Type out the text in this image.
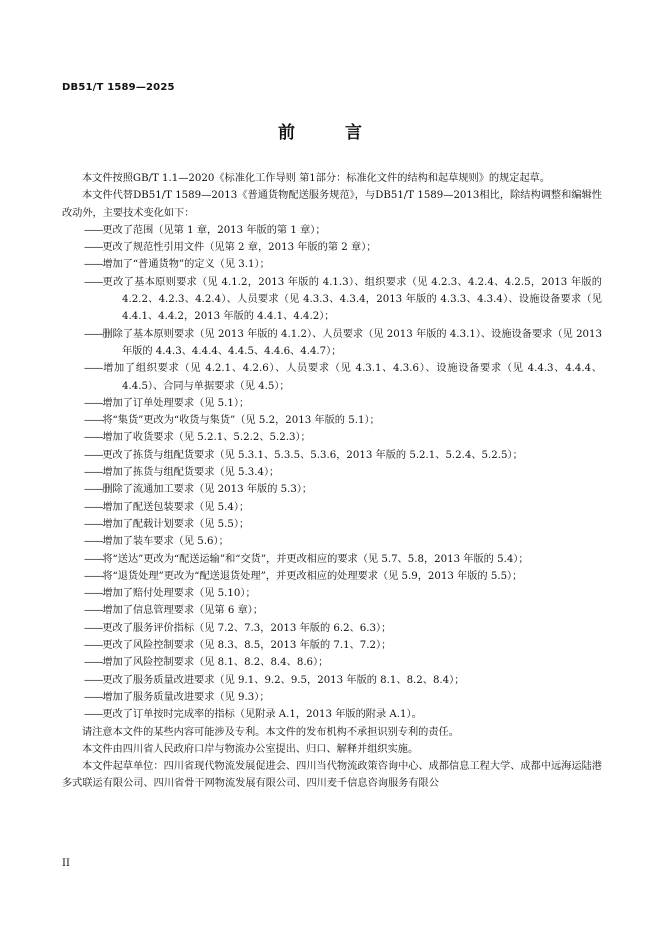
DB51/T 1589—2025
前 言

本文件按照GB/T 1.1—2020《标准化工作导则 第1部分：标准化文件的结构和起草规则》的规定起草。

本文件代替DB51/T 1589—2013《普通货物配送服务规范》，与DB51/T 1589—2013相比，除结构调整和编辑性改动外，主要技术变化如下：

——更改了范围（见第 1 章，2013 年版的第 1 章）；

——更改了规范性引用文件（见第 2 章，2013 年版的第 2 章）；

——增加了“普通货物”的定义（见 3.1）；

——更改了基本原则要求（见 4.1.2，2013 年版的 4.1.3）、组织要求（见 4.2.3、4.2.4、4.2.5，2013 年版的 4.2.2、4.2.3、4.2.4）、人员要求（见 4.3.3、4.3.4，2013 年版的 4.3.3、4.3.4）、设施设备要求（见 4.4.1、4.4.2，2013 年版的 4.4.1、4.4.2）；

——删除了基本原则要求（见 2013 年版的 4.1.2）、人员要求（见 2013 年版的 4.3.1）、设施设备要求（见 2013 年版的 4.4.3、4.4.4、4.4.5、4.4.6、4.4.7）；

——增加了组织要求（见 4.2.1、4.2.6）、人员要求（见 4.3.1、4.3.6）、设施设备要求（见 4.4.3、4.4.4、4.4.5）、合同与单据要求（见 4.5）；

——增加了订单处理要求（见 5.1）；

——将“集货”更改为“收货与集货”（见 5.2，2013 年版的 5.1）；

——增加了收货要求（见 5.2.1、5.2.2、5.2.3）；

——更改了拣货与组配货要求（见 5.3.1、5.3.5、5.3.6，2013 年版的 5.2.1、5.2.4、5.2.5）；

——增加了拣货与组配货要求（见 5.3.4）；

——删除了流通加工要求（见 2013 年版的 5.3）；

——增加了配送包装要求（见 5.4）；

——增加了配载计划要求（见 5.5）；

——增加了装车要求（见 5.6）；

——将“送达”更改为“配送运输”和“交货”，并更改相应的要求（见 5.7、5.8，2013 年版的 5.4）；

——将“退货处理”更改为“配送退货处理”，并更改相应的处理要求（见 5.9，2013 年版的 5.5）；

——增加了赔付处理要求（见 5.10）；

——增加了信息管理要求（见第 6 章）；

——更改了服务评价指标（见 7.2、7.3，2013 年版的 6.2、6.3）；

——更改了风险控制要求（见 8.3、8.5，2013 年版的 7.1、7.2）；

——增加了风险控制要求（见 8.1、8.2、8.4、8.6）；

——更改了服务质量改进要求（见 9.1、9.2、9.5，2013 年版的 8.1、8.2、8.4）；

——增加了服务质量改进要求（见 9.3）；

——更改了订单按时完成率的指标（见附录 A.1，2013 年版的附录 A.1）。

请注意本文件的某些内容可能涉及专利。本文件的发布机构不承担识别专利的责任。

本文件由四川省人民政府口岸与物流办公室提出、归口、解释并组织实施。

本文件起草单位：四川省现代物流发展促进会、四川当代物流政策咨询中心、成都信息工程大学、成都中远海运陆港多式联运有限公司、四川省骨干网物流发展有限公司、四川麦千信息咨询服务有限公

II
